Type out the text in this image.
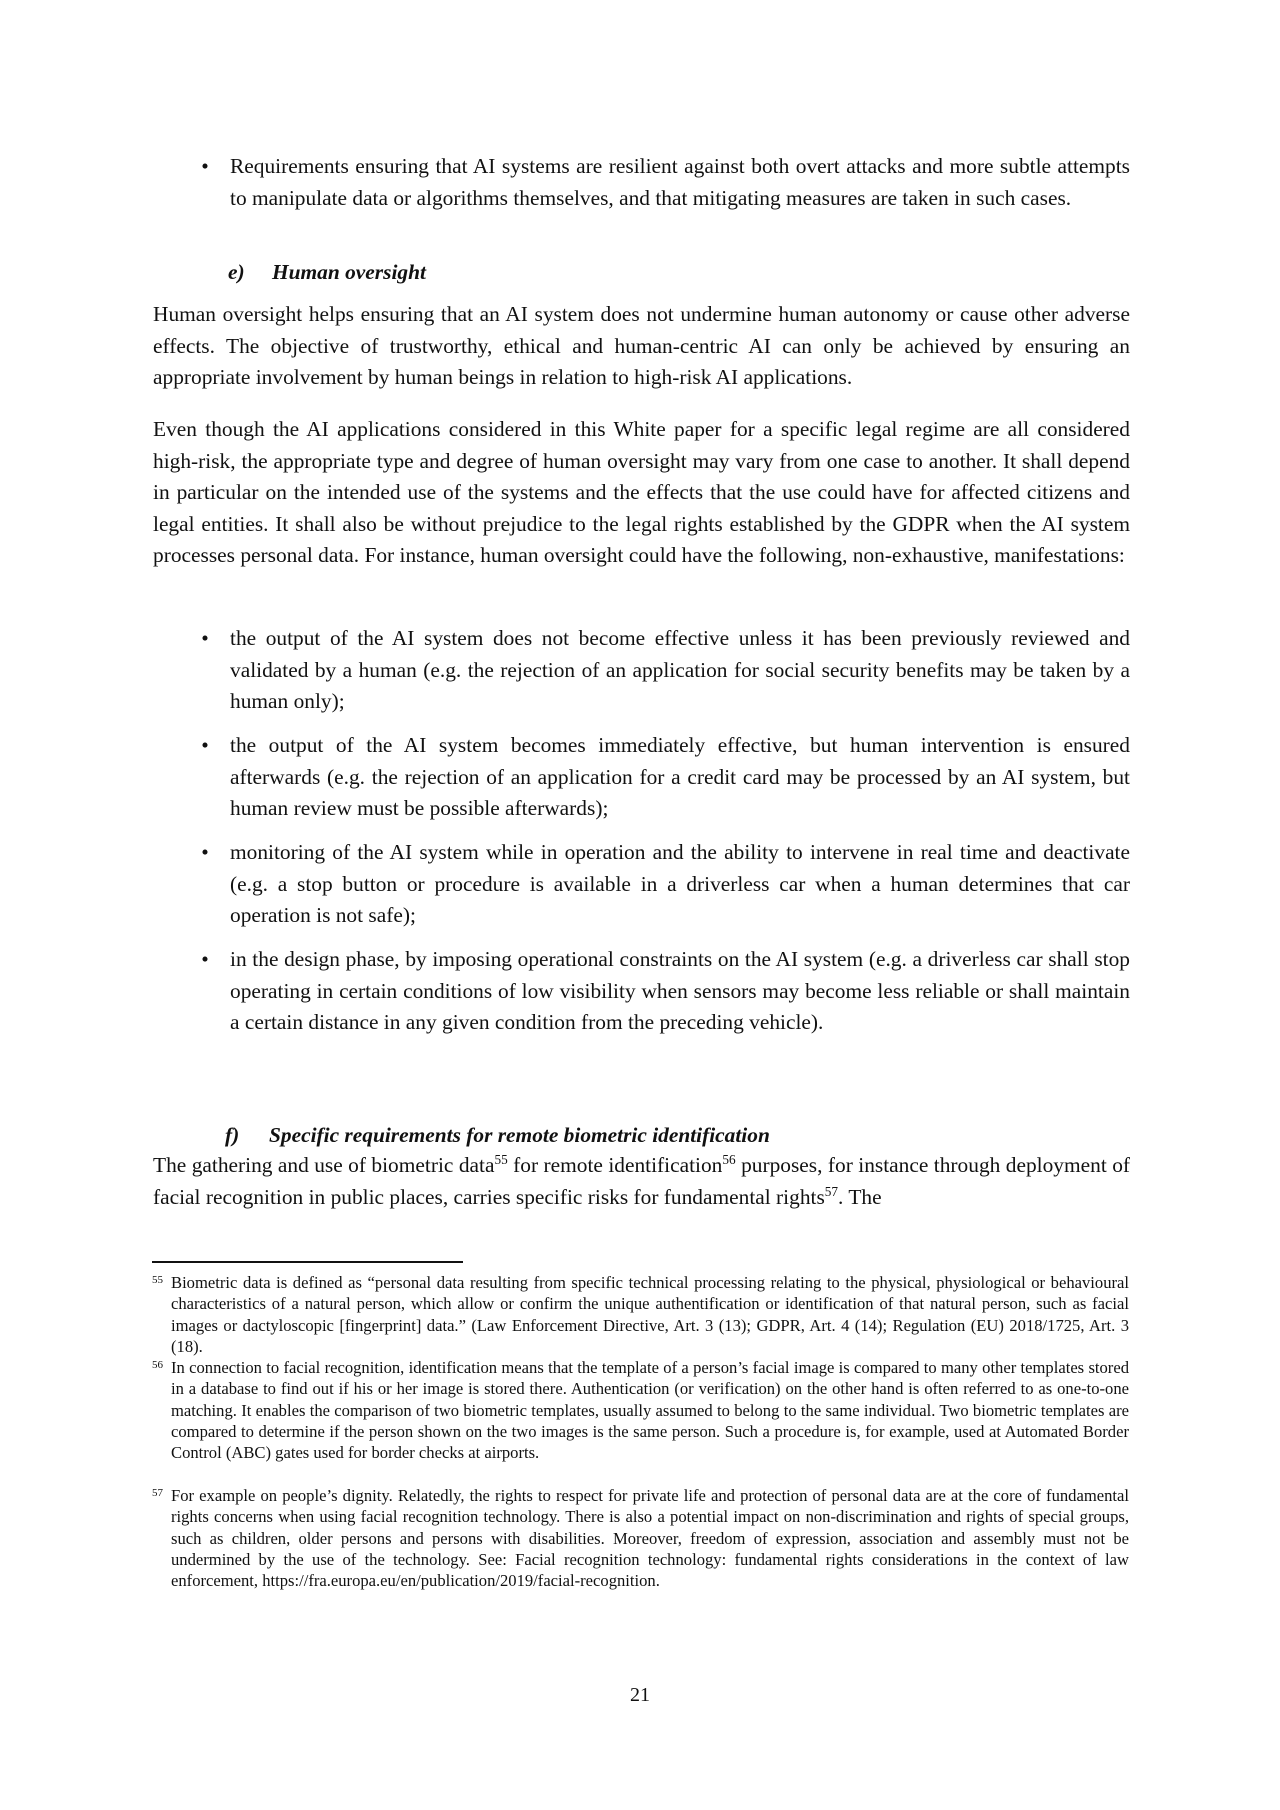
• Requirements ensuring that AI systems are resilient against both overt attacks and more subtle attempts to manipulate data or algorithms themselves, and that mitigating measures are taken in such cases.
e) Human oversight
Human oversight helps ensuring that an AI system does not undermine human autonomy or cause other adverse effects. The objective of trustworthy, ethical and human-centric AI can only be achieved by ensuring an appropriate involvement by human beings in relation to high-risk AI applications.
Even though the AI applications considered in this White paper for a specific legal regime are all considered high-risk, the appropriate type and degree of human oversight may vary from one case to another. It shall depend in particular on the intended use of the systems and the effects that the use could have for affected citizens and legal entities. It shall also be without prejudice to the legal rights established by the GDPR when the AI system processes personal data. For instance, human oversight could have the following, non-exhaustive, manifestations:
• the output of the AI system does not become effective unless it has been previously reviewed and validated by a human (e.g. the rejection of an application for social security benefits may be taken by a human only);
• the output of the AI system becomes immediately effective, but human intervention is ensured afterwards (e.g. the rejection of an application for a credit card may be processed by an AI system, but human review must be possible afterwards);
• monitoring of the AI system while in operation and the ability to intervene in real time and deactivate (e.g. a stop button or procedure is available in a driverless car when a human determines that car operation is not safe);
• in the design phase, by imposing operational constraints on the AI system (e.g. a driverless car shall stop operating in certain conditions of low visibility when sensors may become less reliable or shall maintain a certain distance in any given condition from the preceding vehicle).
f) Specific requirements for remote biometric identification
The gathering and use of biometric data$^{55}$ for remote identification$^{56}$ purposes, for instance through deployment of facial recognition in public places, carries specific risks for fundamental rights$^{57}$. The
55 Biometric data is defined as “personal data resulting from specific technical processing relating to the physical, physiological or behavioural characteristics of a natural person, which allow or confirm the unique authentification or identification of that natural person, such as facial images or dactyloscopic [fingerprint] data.” (Law Enforcement Directive, Art. 3 (13); GDPR, Art. 4 (14); Regulation (EU) 2018/1725, Art. 3 (18).
56 In connection to facial recognition, identification means that the template of a person’s facial image is compared to many other templates stored in a database to find out if his or her image is stored there. Authentication (or verification) on the other hand is often referred to as one-to-one matching. It enables the comparison of two biometric templates, usually assumed to belong to the same individual. Two biometric templates are compared to determine if the person shown on the two images is the same person. Such a procedure is, for example, used at Automated Border Control (ABC) gates used for border checks at airports.
57 For example on people’s dignity. Relatedly, the rights to respect for private life and protection of personal data are at the core of fundamental rights concerns when using facial recognition technology. There is also a potential impact on non-discrimination and rights of special groups, such as children, older persons and persons with disabilities. Moreover, freedom of expression, association and assembly must not be undermined by the use of the technology. See: Facial recognition technology: fundamental rights considerations in the context of law enforcement, https://fra.europa.eu/en/publication/2019/facial-recognition.
21
